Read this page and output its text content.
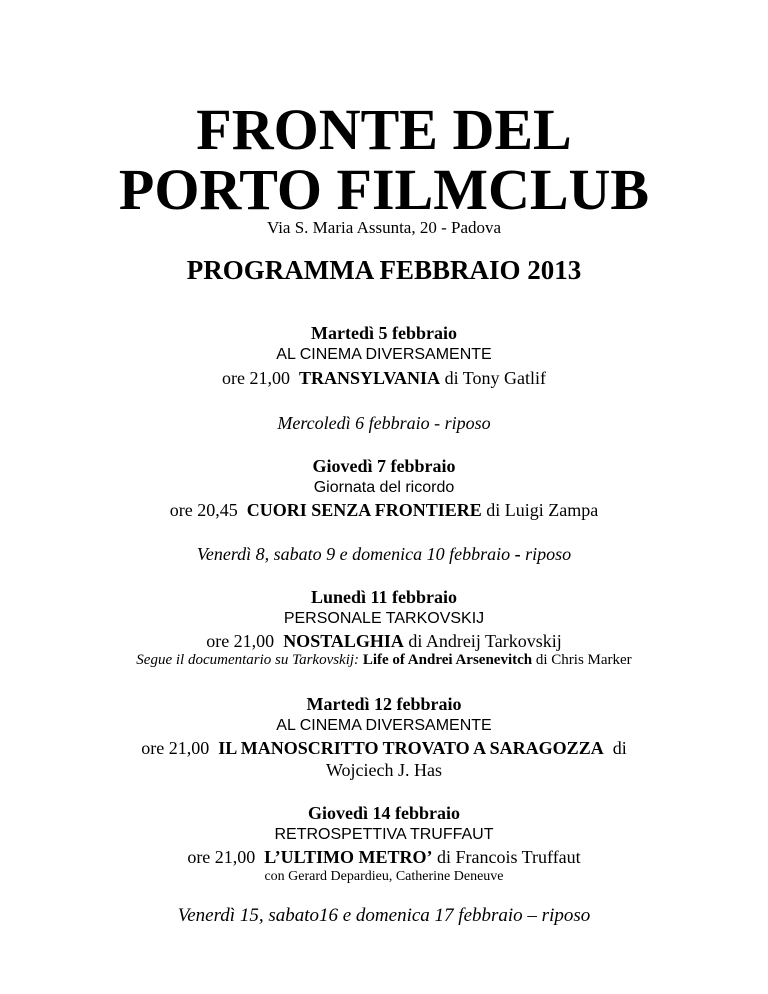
FRONTE DEL
PORTO FILMCLUB
Via S. Maria Assunta, 20 - Padova
PROGRAMMA FEBBRAIO 2013
Martedì 5 febbraio
AL CINEMA DIVERSAMENTE
ore 21,00 TRANSYLVANIA di Tony Gatlif
Mercoledì 6 febbraio - riposo
Giovedì 7 febbraio
Giornata del ricordo
ore 20,45 CUORI SENZA FRONTIERE di Luigi Zampa
Venerdì 8, sabato 9 e domenica 10 febbraio - riposo
Lunedì 11 febbraio
PERSONALE TARKOVSKIJ
ore 21,00 NOSTALGHIA di Andreij Tarkovskij
Segue il documentario su Tarkovskij: Life of Andrei Arsenevitch di Chris Marker
Martedì 12 febbraio
AL CINEMA DIVERSAMENTE
ore 21,00 IL MANOSCRITTO TROVATO A SARAGOZZA di
Wojciech J. Has
Giovedì 14 febbraio
RETROSPETTIVA TRUFFAUT
ore 21,00 L’ULTIMO METRO’ di Francois Truffaut
con Gerard Depardieu, Catherine Deneuve
Venerdì 15, sabato16 e domenica 17 febbraio – riposo
